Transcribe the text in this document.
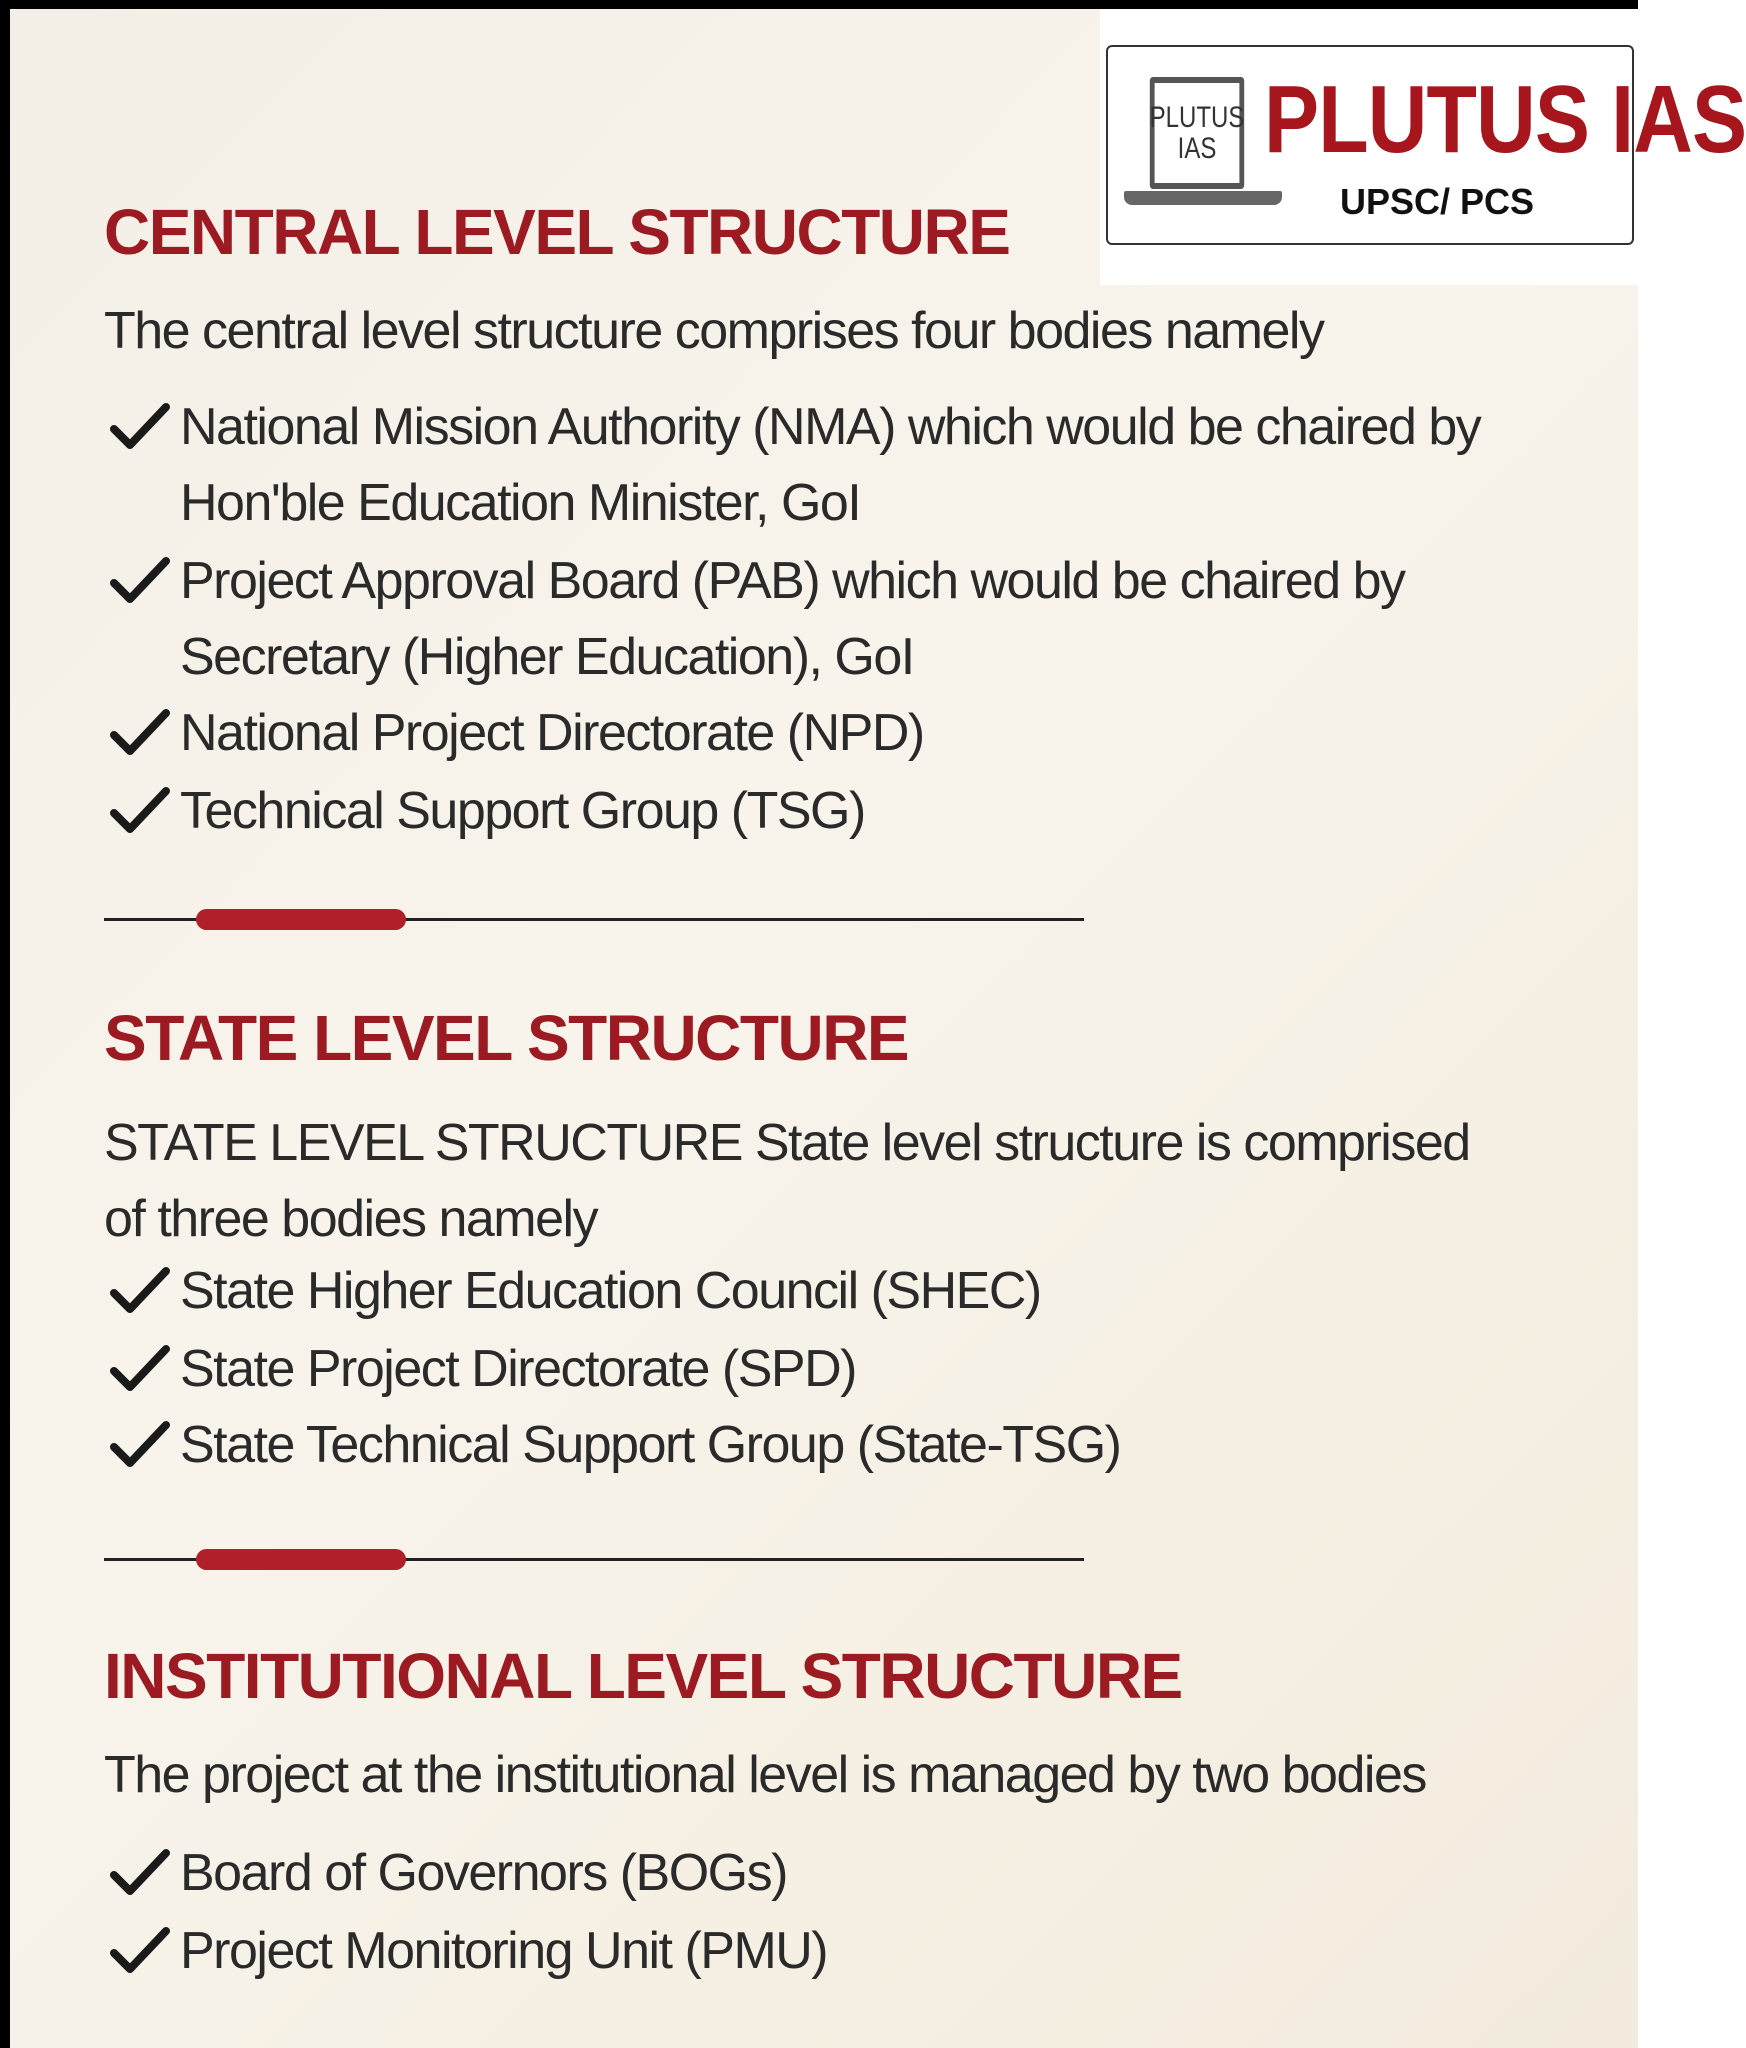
PLUTUS
IAS PLUTUS IAS
UPSC/ PCS
CENTRAL LEVEL STRUCTURE
The central level structure comprises four bodies namely
National Mission Authority (NMA) which would be chaired by
Hon'ble Education Minister, GoI
Project Approval Board (PAB) which would be chaired by
Secretary (Higher Education), GoI
National Project Directorate (NPD)
Technical Support Group (TSG)
STATE LEVEL STRUCTURE
STATE LEVEL STRUCTURE State level structure is comprised
of three bodies namely
State Higher Education Council (SHEC)
State Project Directorate (SPD)
State Technical Support Group (State-TSG)
INSTITUTIONAL LEVEL STRUCTURE
The project at the institutional level is managed by two bodies
Board of Governors (BOGs)
Project Monitoring Unit (PMU)
